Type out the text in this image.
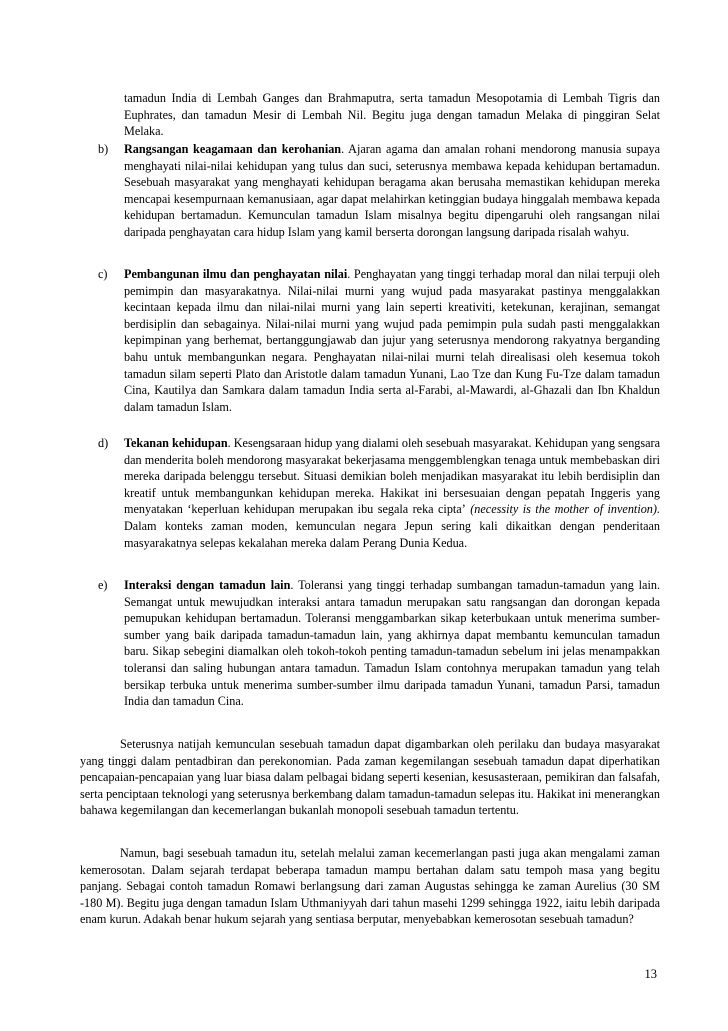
tamadun India di Lembah Ganges dan Brahmaputra, serta tamadun Mesopotamia di Lembah Tigris dan Euphrates, dan tamadun Mesir di Lembah Nil. Begitu juga dengan tamadun Melaka di pinggiran Selat Melaka.
b) Rangsangan keagamaan dan kerohanian. Ajaran agama dan amalan rohani mendorong manusia supaya menghayati nilai-nilai kehidupan yang tulus dan suci, seterusnya membawa kepada kehidupan bertamadun. Sesebuah masyarakat yang menghayati kehidupan beragama akan berusaha memastikan kehidupan mereka mencapai kesempurnaan kemanusiaan, agar dapat melahirkan ketinggian budaya hinggalah membawa kepada kehidupan bertamadun. Kemunculan tamadun Islam misalnya begitu dipengaruhi oleh rangsangan nilai daripada penghayatan cara hidup Islam yang kamil berserta dorongan langsung daripada risalah wahyu.

c) Pembangunan ilmu dan penghayatan nilai. Penghayatan yang tinggi terhadap moral dan nilai terpuji oleh pemimpin dan masyarakatnya. Nilai-nilai murni yang wujud pada masyarakat pastinya menggalakkan kecintaan kepada ilmu dan nilai-nilai murni yang lain seperti kreativiti, ketekunan, kerajinan, semangat berdisiplin dan sebagainya. Nilai-nilai murni yang wujud pada pemimpin pula sudah pasti menggalakkan kepimpinan yang berhemat, bertanggungjawab dan jujur yang seterusnya mendorong rakyatnya berganding bahu untuk membangunkan negara. Penghayatan nilai-nilai murni telah direalisasi oleh kesemua tokoh tamadun silam seperti Plato dan Aristotle dalam tamadun Yunani, Lao Tze dan Kung Fu-Tze dalam tamadun Cina, Kautilya dan Samkara dalam tamadun India serta al-Farabi, al-Mawardi, al-Ghazali dan Ibn Khaldun dalam tamadun Islam.

d) Tekanan kehidupan. Kesengsaraan hidup yang dialami oleh sesebuah masyarakat. Kehidupan yang sengsara dan menderita boleh mendorong masyarakat bekerjasama menggemblengkan tenaga untuk membebaskan diri mereka daripada belenggu tersebut. Situasi demikian boleh menjadikan masyarakat itu lebih berdisiplin dan kreatif untuk membangunkan kehidupan mereka. Hakikat ini bersesuaian dengan pepatah Inggeris yang menyatakan ‘keperluan kehidupan merupakan ibu segala reka cipta’ (necessity is the mother of invention). Dalam konteks zaman moden, kemunculan negara Jepun sering kali dikaitkan dengan penderitaan masyarakatnya selepas kekalahan mereka dalam Perang Dunia Kedua.

e) Interaksi dengan tamadun lain. Toleransi yang tinggi terhadap sumbangan tamadun-tamadun yang lain. Semangat untuk mewujudkan interaksi antara tamadun merupakan satu rangsangan dan dorongan kepada pemupukan kehidupan bertamadun. Toleransi menggambarkan sikap keterbukaan untuk menerima sumber-sumber yang baik daripada tamadun-tamadun lain, yang akhirnya dapat membantu kemunculan tamadun baru. Sikap sebegini diamalkan oleh tokoh-tokoh penting tamadun-tamadun sebelum ini jelas menampakkan toleransi dan saling hubungan antara tamadun. Tamadun Islam contohnya merupakan tamadun yang telah bersikap terbuka untuk menerima sumber-sumber ilmu daripada tamadun Yunani, tamadun Parsi, tamadun India dan tamadun Cina.

Seterusnya natijah kemunculan sesebuah tamadun dapat digambarkan oleh perilaku dan budaya masyarakat yang tinggi dalam pentadbiran dan perekonomian. Pada zaman kegemilangan sesebuah tamadun dapat diperhatikan pencapaian-pencapaian yang luar biasa dalam pelbagai bidang seperti kesenian, kesusasteraan, pemikiran dan falsafah, serta penciptaan teknologi yang seterusnya berkembang dalam tamadun-tamadun selepas itu. Hakikat ini menerangkan bahawa kegemilangan dan kecemerlangan bukanlah monopoli sesebuah tamadun tertentu.

Namun, bagi sesebuah tamadun itu, setelah melalui zaman kecemerlangan pasti juga akan mengalami zaman kemerosotan. Dalam sejarah terdapat beberapa tamadun mampu bertahan dalam satu tempoh masa yang begitu panjang. Sebagai contoh tamadun Romawi berlangsung dari zaman Augustas sehingga ke zaman Aurelius (30 SM -180 M). Begitu juga dengan tamadun Islam Uthmaniyyah dari tahun masehi 1299 sehingga 1922, iaitu lebih daripada enam kurun. Adakah benar hukum sejarah yang sentiasa berputar, menyebabkan kemerosotan sesebuah tamadun?

13
